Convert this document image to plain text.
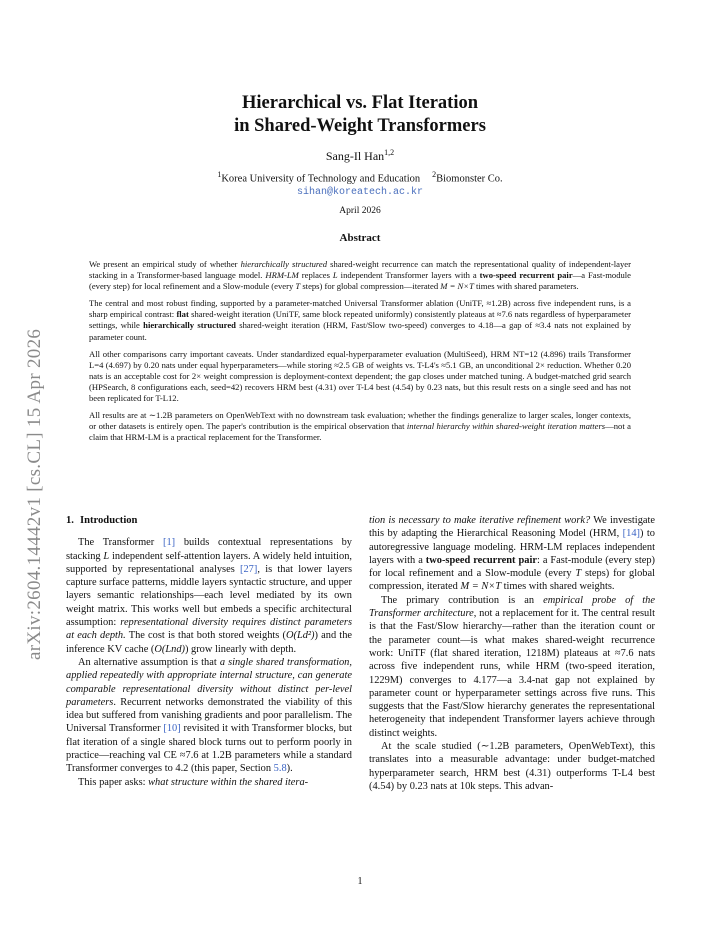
arXiv:2604.14442v1 [cs.CL] 15 Apr 2026
Hierarchical vs. Flat Iteration
in Shared-Weight Transformers
Sang-Il Han$^{1,2}$
$^1$Korea University of Technology and Education $^2$Biomonster Co.
sihan@koreatech.ac.kr
April 2026
Abstract

We present an empirical study of whether hierarchically structured shared-weight recurrence can match the representational quality of independent-layer stacking in a Transformer-based language model. HRM-LM replaces L independent Transformer layers with a two-speed recurrent pair—a Fast-module (every step) for local refinement and a Slow-module (every T steps) for global compression—iterated M = N×T times with shared parameters.

The central and most robust finding, supported by a parameter-matched Universal Transformer ablation (UniTF, ≈1.2B) across five independent runs, is a sharp empirical contrast: flat shared-weight iteration (UniTF, same block repeated uniformly) consistently plateaus at ≈7.6 nats regardless of hyperparameter settings, while hierarchically structured shared-weight iteration (HRM, Fast/Slow two-speed) converges to 4.18—a gap of ≈3.4 nats not explained by parameter count.

All other comparisons carry important caveats. Under standardized equal-hyperparameter evaluation (MultiSeed), HRM NT=12 (4.896) trails Transformer L=4 (4.697) by 0.20 nats under equal hyperparameters—while storing ≈2.5 GB of weights vs. T-L4's ≈5.1 GB, an unconditional 2× reduction. Whether 0.20 nats is an acceptable cost for 2× weight compression is deployment-context dependent; the gap closes under matched tuning. A budget-matched grid search (HPSearch, 8 configurations each, seed=42) recovers HRM best (4.31) over T-L4 best (4.54) by 0.23 nats, but this result rests on a single seed and has not been replicated for T-L12.

All results are at ∼1.2B parameters on OpenWebText with no downstream task evaluation; whether the findings generalize to larger scales, longer contexts, or other datasets is entirely open. The paper's contribution is the empirical observation that internal hierarchy within shared-weight iteration matters—not a claim that HRM-LM is a practical replacement for the Transformer.

1. Introduction

The Transformer [1] builds contextual representations by stacking L independent self-attention layers. A widely held intuition, supported by representational analyses [27], is that lower layers capture surface patterns, middle layers syntactic structure, and upper layers semantic relationships—each level mediated by its own weight matrix. This works well but embeds a specific architectural assumption: representational diversity requires distinct parameters at each depth. The cost is that both stored weights (O(Ld²)) and the inference KV cache (O(Lnd)) grow linearly with depth.

An alternative assumption is that a single shared transformation, applied repeatedly with appropriate internal structure, can generate comparable representational diversity without distinct per-level parameters. Recurrent networks demonstrated the viability of this idea but suffered from vanishing gradients and poor parallelism. The Universal Transformer [10] revisited it with Transformer blocks, but flat iteration of a single shared block turns out to perform poorly in practice—reaching val CE ≈7.6 at 1.2B parameters while a standard Transformer converges to 4.2 (this paper, Section 5.8).

This paper asks: what structure within the shared itera-

tion is necessary to make iterative refinement work? We investigate this by adapting the Hierarchical Reasoning Model (HRM, [14]) to autoregressive language modeling. HRM-LM replaces independent layers with a two-speed recurrent pair: a Fast-module (every step) for local refinement and a Slow-module (every T steps) for global compression, iterated M = N×T times with shared weights.

The primary contribution is an empirical probe of the Transformer architecture, not a replacement for it. The central result is that the Fast/Slow hierarchy—rather than the iteration count or the parameter count—is what makes shared-weight recurrence work: UniTF (flat shared iteration, 1218M) plateaus at ≈7.6 nats across five independent runs, while HRM (two-speed iteration, 1229M) converges to 4.177—a 3.4-nat gap not explained by parameter count or hyperparameter settings across five runs. This suggests that the Fast/Slow hierarchy generates the representational heterogeneity that independent Transformer layers achieve through distinct weights.

At the scale studied (∼1.2B parameters, OpenWebText), this translates into a measurable advantage: under budget-matched hyperparameter search, HRM best (4.31) outperforms T-L4 best (4.54) by 0.23 nats at 10k steps. This advan-

1
